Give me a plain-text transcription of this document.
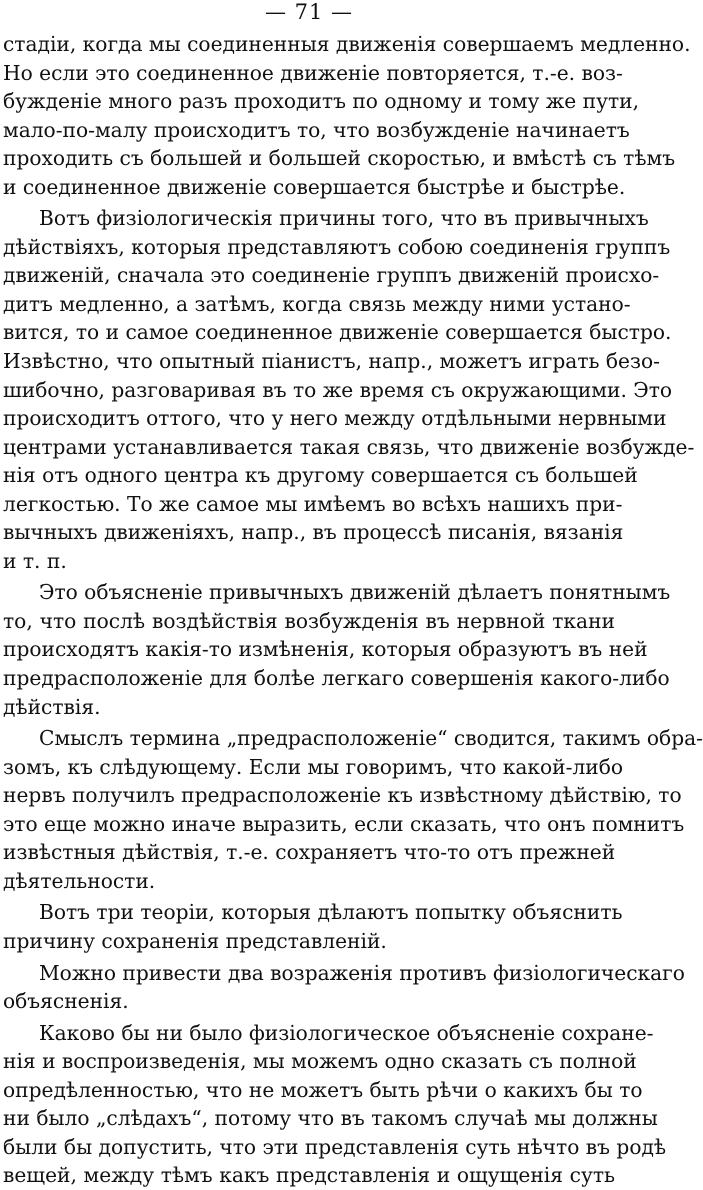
— 71 —

стадіи, когда мы соединенныя движенія совершаемъ медленно.
Но если это соединенное движеніе повторяется, т.-е. воз-
бужденіе много разъ проходитъ по одному и тому же пути,
мало-по-малу происходитъ то, что возбужденіе начинаетъ
проходить съ большей и большей скоростью, и вмѣстѣ съ тѣмъ
и соединенное движеніе совершается быстрѣе и быстрѣе.

Вотъ физіологическія причины того, что въ привычныхъ
дѣйствіяхъ, которыя представляютъ собою соединенія группъ
движеній, сначала это соединеніе группъ движеній происхо-
дитъ медленно, а затѣмъ, когда связь между ними устано-
вится, то и самое соединенное движеніе совершается быстро.
Извѣстно, что опытный піанистъ, напр., можетъ играть безо-
шибочно, разговаривая въ то же время съ окружающими. Это
происходитъ оттого, что у него между отдѣльными нервными
центрами устанавливается такая связь, что движеніе возбужде-
нія отъ одного центра къ другому совершается съ большей
легкостью. То же самое мы имѣемъ во всѣхъ нашихъ при-
вычныхъ движеніяхъ, напр., въ процессѣ писанія, вязанія
и т. п.

Это объясненіе привычныхъ движеній дѣлаетъ понятнымъ
то, что послѣ воздѣйствія возбужденія въ нервной ткани
происходятъ какія-то измѣненія, которыя образуютъ въ ней
предрасположеніе для болѣе легкаго совершенія какого-либо
дѣйствія.

Смыслъ термина „предрасположеніе“ сводится, такимъ обра-
зомъ, къ слѣдующему. Если мы говоримъ, что какой-либо
нервъ получилъ предрасположеніе къ извѣстному дѣйствію, то
это еще можно иначе выразить, если сказать, что онъ помнитъ
извѣстныя дѣйствія, т.-е. сохраняетъ что-то отъ прежней
дѣятельности.

Вотъ три теоріи, которыя дѣлаютъ попытку объяснить
причину сохраненія представленій.

Можно привести два возраженія противъ физіологическаго
объясненія.

Каково бы ни было физіологическое объясненіе сохране-
нія и воспроизведенія, мы можемъ одно сказать съ полной
опредѣленностью, что не можетъ быть рѣчи о какихъ бы то
ни было „слѣдахъ“, потому что въ такомъ случаѣ мы должны
были бы допустить, что эти представленія суть нѣчто въ родѣ
вещей, между тѣмъ какъ представленія и ощущенія суть
